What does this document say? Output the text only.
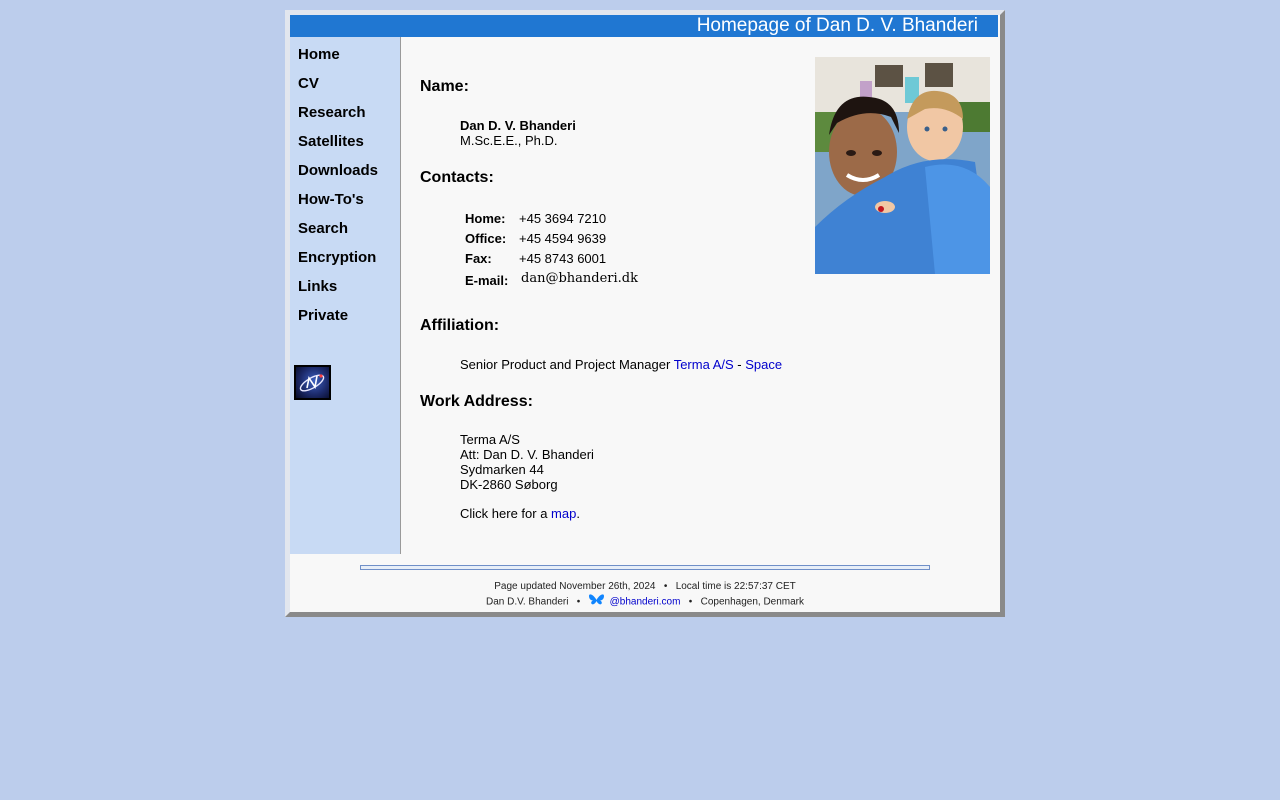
Homepage of Dan D. V. Bhanderi
Home
CV
Research
Satellites
Downloads
How-To's
Search
Encryption
Links
Private
Name:
Dan D. V. Bhanderi
M.Sc.E.E., Ph.D.
Contacts:
Home: +45 3694 7210
Office: +45 4594 9639
Fax: +45 8743 6001
E-mail: dan@bhanderi.dk
Affiliation:
Senior Product and Project Manager Terma A/S - Space
Work Address:
Terma A/S
Att: Dan D. V. Bhanderi
Sydmarken 44
DK-2860 Søborg
Click here for a map.
Page updated November 26th, 2024 • Local time is 22:57:37 CET
Dan D.V. Bhanderi •	@bhanderi.com • Copenhagen, Denmark
